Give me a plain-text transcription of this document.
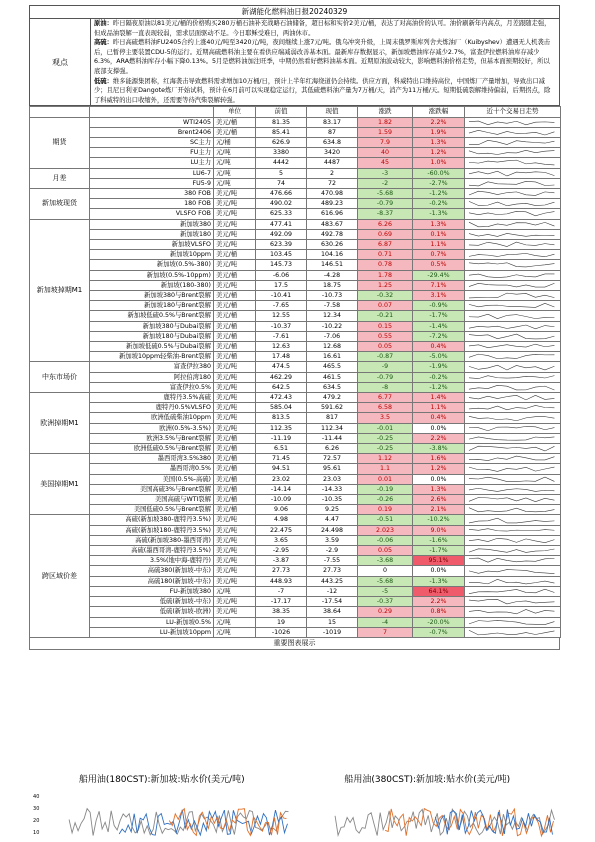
新湖能化燃料油日报20240329
观点

原油：昨日隔夜原油以81美元/桶的价格购买280万桶石油补充战略石油储备，超日标和实价2美元/桶，表达了对高油价的认可。油价刷新年内高点，月差跟随走强，但成品油裂解一直表现较弱，需求层面驱动不足。今日耶稣受难日，两油休市。

高硫：昨日高硫燃料油FU2405合约上涨40元/吨至3420元/吨，夜间继续上涨7元/吨。俄乌冲突升级，上周末俄罗斯库列舍夫炼油厂（Kuibyshev）遭遇无人机袭击后，已暂停主要装置CDU-5的运行。近期高硫燃料油主要在看供应端减弱改善基本面。最新库存数据显示，新加坡燃油库存减少2.7%，富查伊拉燃料油库存减少6.3%，ARA燃料油库存小幅下降0.13%。5月是燃料油加注旺季，中期仍然看好燃料油基本面。近期原油波动较大，影响燃料油价格走势，但基本面预期较好，所以底部支撑强。

低硫：维多能源集团称，红海袭击导致燃料需求增加10万桶/日，预计上半年红海绕道仍会持续。供应方面，科威特出口维持高位，中国炼厂产量增加，导致出口减少；且尼日利亚Dangote炼厂开始试料，预计在6月前可以实现稳定运行，其低硫燃料油产量为7万桶/天，消产为11万桶/天。短期低硫裂解维持偏弱，后期拐点，除了科威特的出口收缩外，还需要等待汽柴裂解转强。

		单位	前值	现值	涨跌	涨跌幅	近十个交易日走势
期货	WTI2405	美元/桶	81.35	83.17	1.82	2.2%	

	Brent2406	美元/桶	85.41	87	1.59	1.9%	

	SC主力	元/桶	626.9	634.8	7.9	1.3%	

	FU主力	元/吨	3380	3420	40	1.2%	

	LU主力	元/吨	4442	4487	45	1.0%	

月差	LU6-7	元/吨	5	2	-3	-60.0%	

	FU5-9	元/吨	74	72	-2	-2.7%	

新加坡现货	380 FOB	美元/吨	476.66	470.98	-5.68	-1.2%	

	180 FOB	美元/吨	490.02	489.23	-0.79	-0.2%	

	VLSFO FOB	美元/吨	625.33	616.96	-8.37	-1.3%	

新加坡掉期M1	新加坡380	美元/吨	477.41	483.67	6.26	1.3%	

	新加坡180	美元/吨	492.09	492.78	0.69	0.1%	

	新加坡VLSFO	美元/吨	623.39	630.26	6.87	1.1%	

	新加坡10ppm	美元/桶	103.45	104.16	0.71	0.7%	

	新加坡(0.5%-380)	美元/吨	145.73	146.51	0.78	0.5%	

	新加坡(0.5%-10ppm)	美元/桶	-6.06	-4.28	1.78	-29.4%	

	新加坡(180-380)	美元/吨	17.5	18.75	1.25	7.1%	

	新加坡380与Brent裂解	美元/桶	-10.41	-10.73	-0.32	3.1%	

	新加坡180与Brent裂解	美元/桶	-7.65	-7.58	0.07	-0.9%	

	新加坡低硫0.5%与Brent裂解	美元/桶	12.55	12.34	-0.21	-1.7%	

	新加坡380与Dubai裂解	美元/桶	-10.37	-10.22	0.15	-1.4%	

	新加坡180与Dubai裂解	美元/桶	-7.61	-7.06	0.55	-7.2%	

	新加坡低硫0.5%与Dubai裂解	美元/桶	12.63	12.68	0.05	0.4%	

	新加坡10ppm轻柴油-Brent裂解	美元/桶	17.48	16.61	-0.87	-5.0%	

中东市场价	富查伊拉380	美元/吨	474.5	465.5	-9	-1.9%	

	阿拉伯湾180	美元/吨	462.29	461.5	-0.79	-0.2%	

	富查伊拉0.5%	美元/吨	642.5	634.5	-8	-1.2%	

欧洲掉期M1	鹿特丹3.5%高硫	美元/吨	472.43	479.2	6.77	1.4%	

	鹿特丹0.5%VLSFO	美元/吨	585.04	591.62	6.58	1.1%	

	欧洲低硫柴油10ppm	美元/吨	813.5	817	3.5	0.4%	

	欧洲(0.5%-3.5%)	美元/吨	112.35	112.34	-0.01	0.0%	

	欧洲3.5%与Brent裂解	美元/桶	-11.19	-11.44	-0.25	2.2%	

	欧洲低硫0.5%与Brent裂解	美元/桶	6.51	6.26	-0.25	-3.8%	

美国掉期M1	墨西哥湾3.5%380	美元/桶	71.45	72.57	1.12	1.6%	

	墨西哥湾0.5%	美元/桶	94.51	95.61	1.1	1.2%	

	美国(0.5%-高硫)	美元/桶	23.02	23.03	0.01	0.0%	

	美国高硫3%与Brent裂解	美元/桶	-14.14	-14.33	-0.19	1.3%	

	美国高硫与WTI裂解	美元/桶	-10.09	-10.35	-0.26	2.6%	

	美国低硫0.5%与Brent裂解	美元/桶	9.06	9.25	0.19	2.1%	

跨区域价差	高硫(新加坡380-鹿特丹3.5%)	美元/吨	4.98	4.47	-0.51	-10.2%	

	高硫(新加坡180-鹿特丹3.5%)	美元/吨	22.475	24.498	2.023	9.0%	

	高硫(新加坡380-墨西哥湾)	美元/吨	3.65	3.59	-0.06	-1.6%	

	高硫(墨西哥湾-鹿特丹3.5%)	美元/吨	-2.95	-2.9	0.05	-1.7%	

	3.5%(地中海-鹿特丹)	美元/吨	-3.87	-7.55	-3.68	95.1%	

	高硫380(新加坡-中东)	美元/吨	27.73	27.73	0	0.0%	

	高硫180(新加坡-中东)	美元/吨	448.93	443.25	-5.68	-1.3%	

	FU-新加坡380	元/吨	-7	-12	-5	64.1%	

	低硫(新加坡-中东)	美元/吨	-17.17	-17.54	-0.37	2.2%	

	低硫(新加坡-欧洲)	美元/吨	38.35	38.64	0.29	0.8%	

	LU-新加坡0.5%	元/吨	19	15	-4	-20.0%	

	LU-新加坡10ppm	元/吨	-1026	-1019	7	-0.7%	
重要图表展示
船用油(180CST):新加坡:贴水价(美元/吨)
40
30
20
10
船用油(380CST):新加坡:贴水价(美元/吨)
